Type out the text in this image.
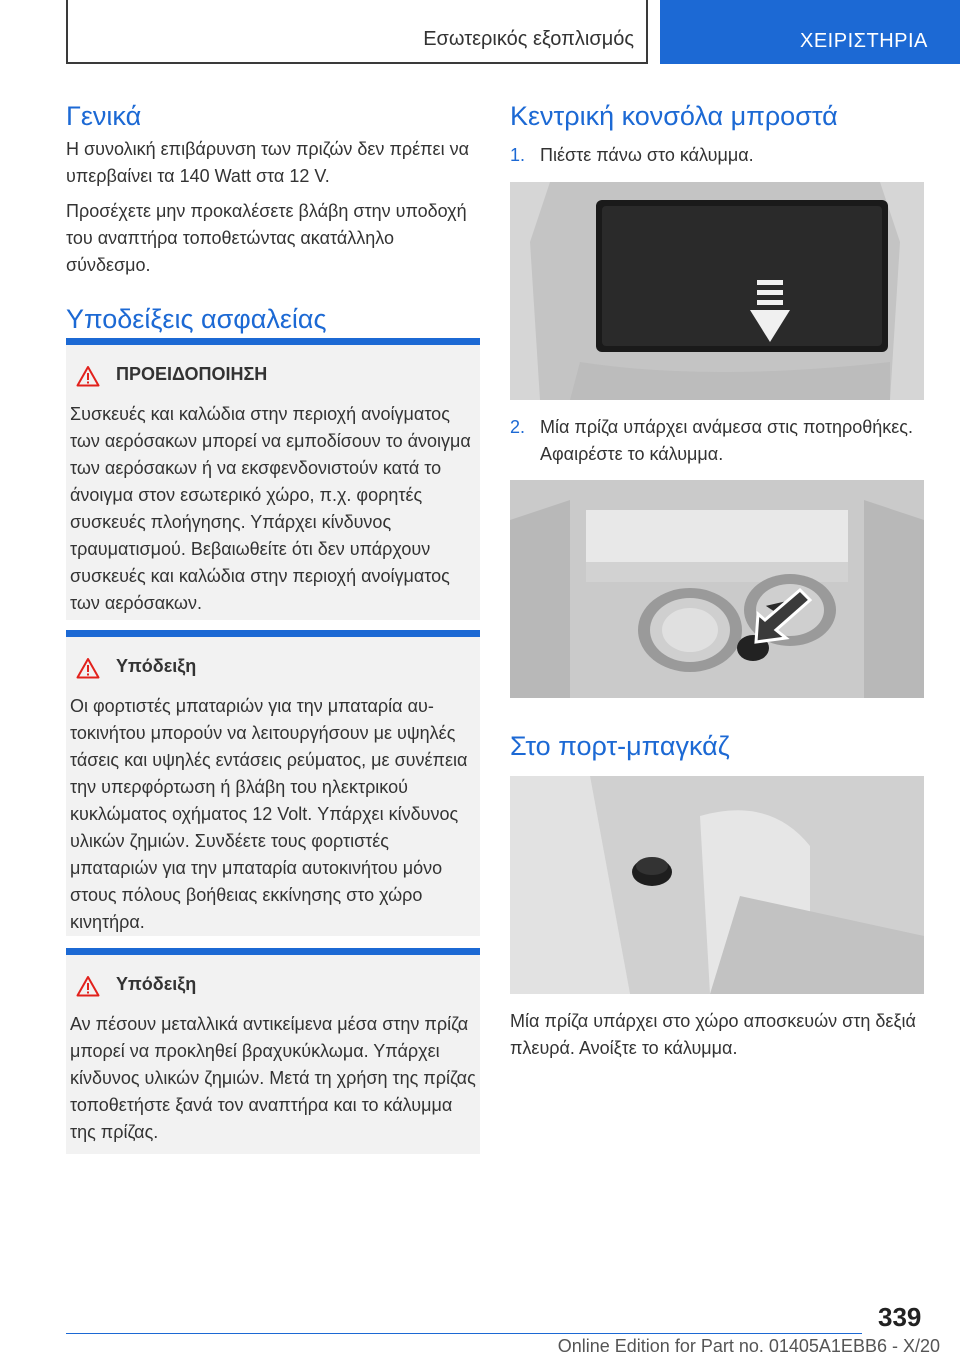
Εσωτερικός εξοπλισμός	ΧΕΙΡΙΣΤΗΡΙΑ
Γενικά

Η συνολική επιβάρυνση των πριζών δεν πρέπει να υπερβαίνει τα 140 Watt στα 12 V.

Προσέχετε μην προκαλέσετε βλάβη στην υποδοχή του αναπτήρα τοποθετώντας ακατάλληλο σύνδεσμο.

Υποδείξεις ασφαλείας
ΠΡΟΕΙΔΟΠΟΙΗΣΗ

Συσκευές και καλώδια στην περιοχή ανοίγματος των αερόσακων μπορεί να εμποδίσουν το άνοιγμα των αερόσακων ή να εκσφενδονιστούν κατά το άνοιγμα στον εσωτερικό χώρο, π.χ. φορητές συσκευές πλοήγησης. Υπάρχει κίνδυνος τραυματισμού. Βεβαιωθείτε ότι δεν υπάρχουν συσκευές και καλώδια στην περιοχή ανοίγματος των αερόσακων.

Υπόδειξη

Οι φορτιστές μπαταριών για την μπαταρία αυτοκινήτου μπορούν να λειτουργήσουν με υψηλές τάσεις και υψηλές εντάσεις ρεύματος, με συνέπεια την υπερφόρτωση ή βλάβη του ηλεκτρικού κυκλώματος οχήματος 12 Volt. Υπάρχει κίνδυνος υλικών ζημιών. Συνδέετε τους φορτιστές μπαταριών για την μπαταρία αυτοκινήτου μόνο στους πόλους βοήθειας εκκίνησης στο χώρο κινητήρα.

Υπόδειξη

Αν πέσουν μεταλλικά αντικείμενα μέσα στην πρίζα μπορεί να προκληθεί βραχυκύκλωμα. Υπάρχει κίνδυνος υλικών ζημιών. Μετά τη χρήση της πρίζας τοποθετήστε ξανά τον αναπτήρα και το κάλυμμα της πρίζας.

Κεντρική κονσόλα μπροστά
1. Πιέστε πάνω στο κάλυμμα.
2. Μία πρίζα υπάρχει ανάμεσα στις ποτηροθήκες. Αφαιρέστε το κάλυμμα.
Στο πορτ-μπαγκάζ

Μία πρίζα υπάρχει στο χώρο αποσκευών στη δεξιά πλευρά. Ανοίξτε το κάλυμμα.

339
Online Edition for Part no. 01405A1EBB6 - X/20
